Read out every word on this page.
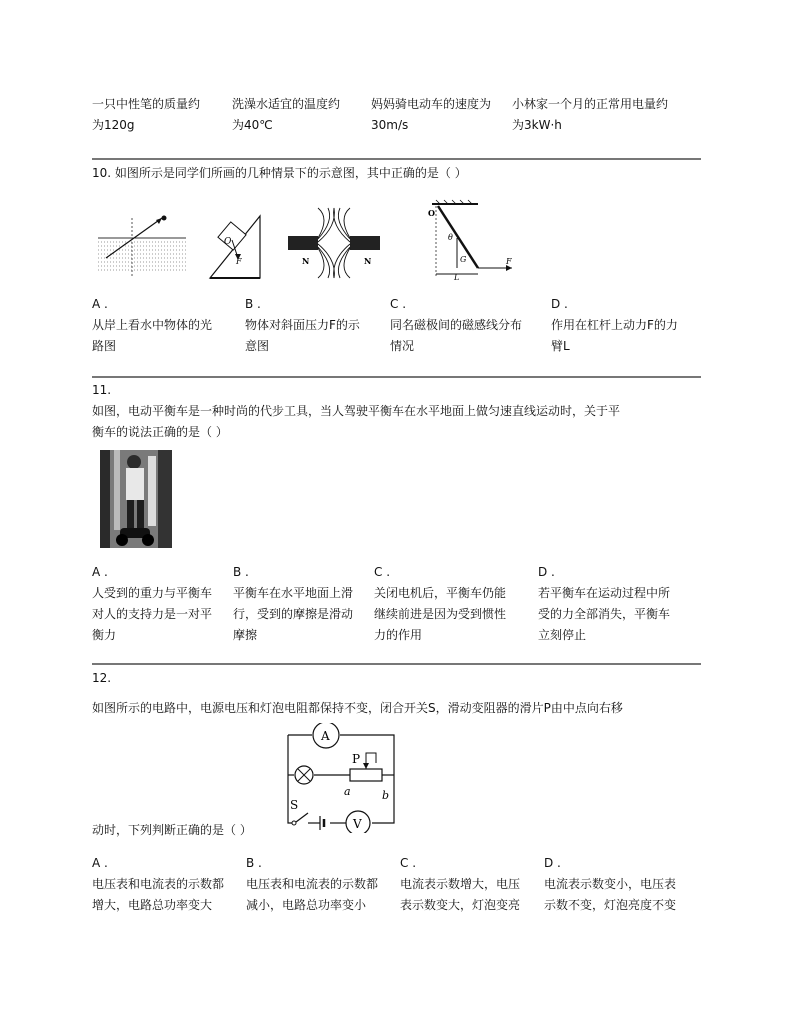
一只中性笔的质量约
为120g
洗澡水适宜的温度约
为40℃
妈妈骑电动车的速度为
30m/s
小林家一个月的正常用电量约
为3kW·h
10. 如图所示是同学们所画的几种情景下的示意图，其中正确的是（ ）
O
F	N	N
O
θ
G
L
F
A .
从岸上看水中物体的光
路图
B .
物体对斜面压力F的示
意图
C .
同名磁极间的磁感线分布
情况
D .
作用在杠杆上动力F的力
臂L
11.
如图，电动平衡车是一种时尚的代步工具，当人驾驶平衡车在水平地面上做匀速直线运动时，关于平
衡车的说法正确的是（ ）
A .
人受到的重力与平衡车
对人的支持力是一对平
衡力
B .
平衡车在水平地面上滑
行，受到的摩擦是滑动
摩擦
C .
关闭电机后，平衡车仍能
继续前进是因为受到惯性
力的作用
D .
若平衡车在运动过程中所
受的力全部消失，平衡车
立刻停止
12.
如图所示的电路中，电源电压和灯泡电阻都保持不变，闭合开关S，滑动变阻器的滑片P由中点向右移
A
P
a	b
S
V
动时，下列判断正确的是（ ）
A .
电压表和电流表的示数都
增大，电路总功率变大
B .
电压表和电流表的示数都
减小，电路总功率变小
C .
电流表示数增大，电压
表示数变大，灯泡变亮
D .
电流表示数变小，电压表
示数不变，灯泡亮度不变
